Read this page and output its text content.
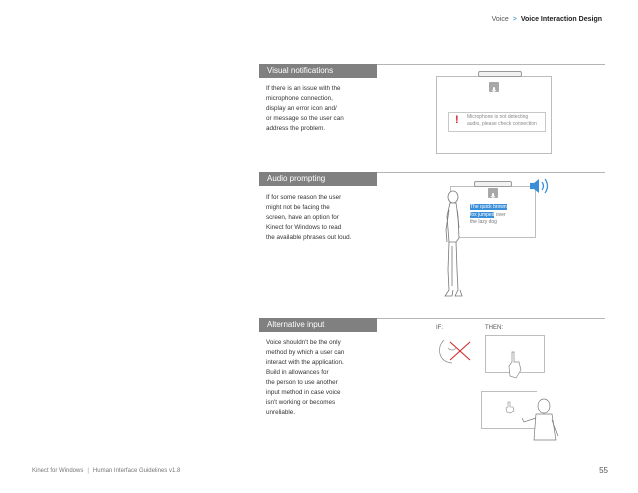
Voice > Voice Interaction Design
Visual notifications
If there is an issue with the
microphone connection,
display an error icon and/
or message so the user can
address the problem.
! Microphone is not detecting
audio, please check connection
Audio prompting
If for some reason the user
might not be facing the
screen, have an option for
Kinect for Windows to read
the available phrases out loud.
The quick brown
fox jumped over
the lazy dog
Alternative input
Voice shouldn't be the only
method by which a user can
interact with the application.
Build in allowances for
the person to use another
input method in case voice
isn't working or becomes
unreliable.
IF:	THEN:
Kinect for Windows | Human Interface Guidelines v1.8	55
